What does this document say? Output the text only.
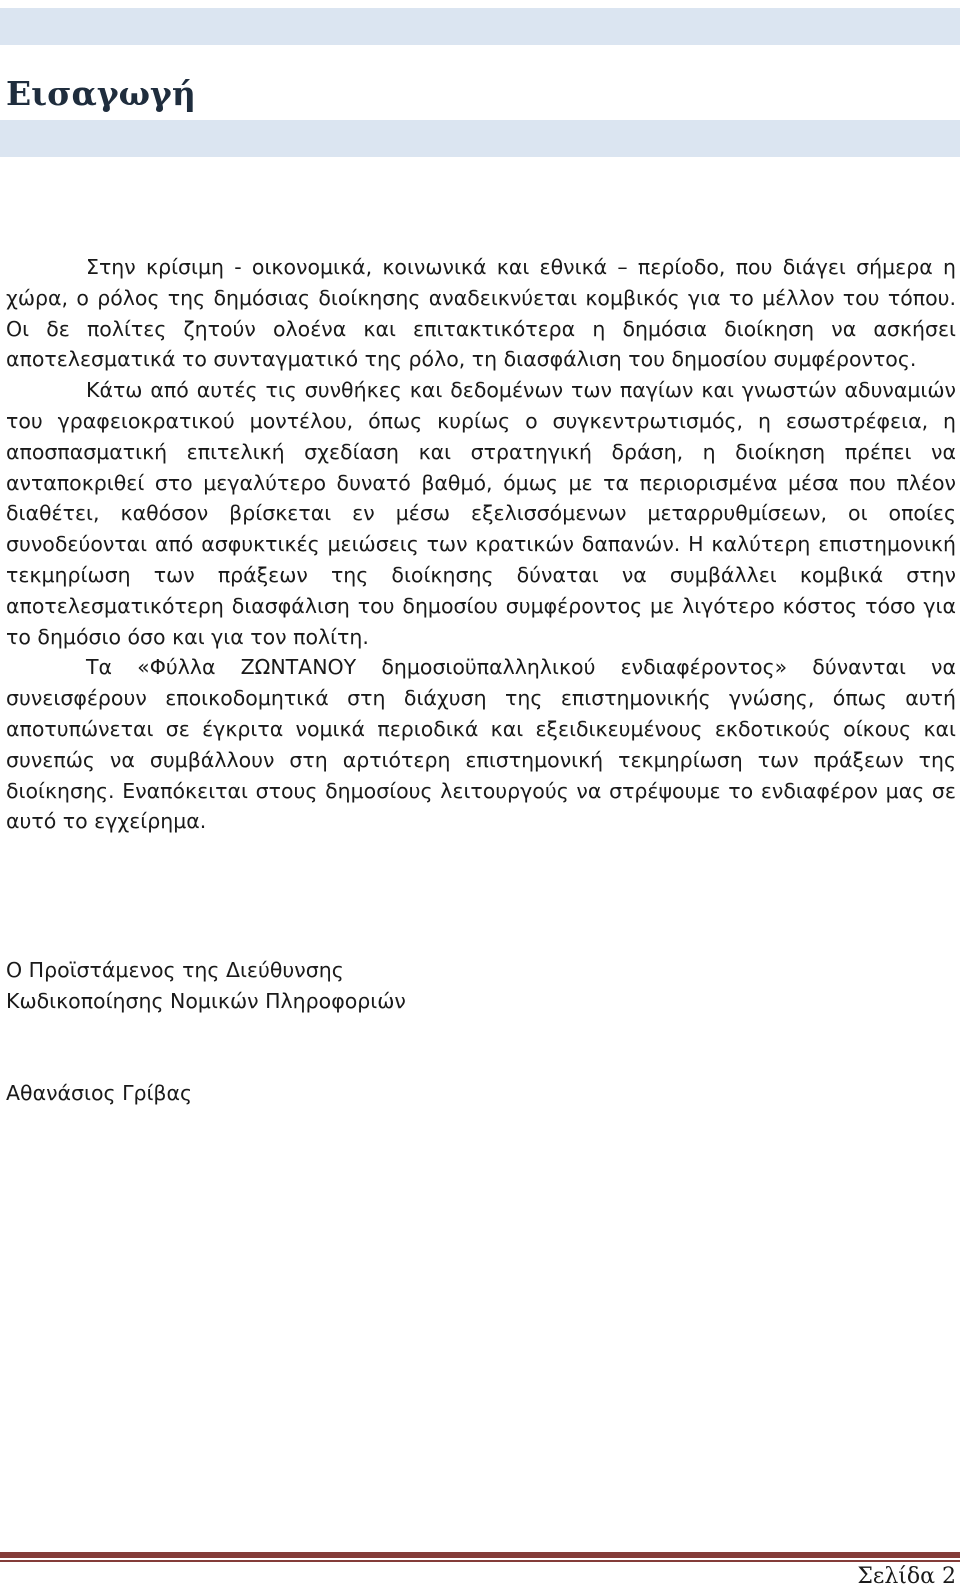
Εισαγωγή

Στην κρίσιμη - οικονομικά, κοινωνικά και εθνικά – περίοδο, που διάγει σήμερα η χώρα, ο ρόλος της δημόσιας διοίκησης αναδεικνύεται κομβικός για το μέλλον του τόπου. Οι δε πολίτες ζητούν ολοένα και επιτακτικότερα η δημόσια διοίκηση να ασκήσει αποτελεσματικά το συνταγματικό της ρόλο, τη διασφάλιση του δημοσίου συμφέροντος.

Κάτω από αυτές τις συνθήκες και δεδομένων των παγίων και γνωστών αδυναμιών του γραφειοκρατικού μοντέλου, όπως κυρίως ο συγκεντρωτισμός, η εσωστρέφεια, η αποσπασματική επιτελική σχεδίαση και στρατηγική δράση, η διοίκηση πρέπει να ανταποκριθεί στο μεγαλύτερο δυνατό βαθμό, όμως με τα περιορισμένα μέσα που πλέον διαθέτει, καθόσον βρίσκεται εν μέσω εξελισσόμενων μεταρρυθμίσεων, οι οποίες συνοδεύονται από ασφυκτικές μειώσεις των κρατικών δαπανών. Η καλύτερη επιστημονική τεκμηρίωση των πράξεων της διοίκησης δύναται να συμβάλλει κομβικά στην αποτελεσματικότερη διασφάλιση του δημοσίου συμφέροντος με λιγότερο κόστος τόσο για το δημόσιο όσο και για τον πολίτη.

Τα «Φύλλα ΖΩΝΤΑΝΟΥ δημοσιοϋπαλληλικού ενδιαφέροντος» δύνανται να συνεισφέρουν εποικοδομητικά στη διάχυση της επιστημονικής γνώσης, όπως αυτή αποτυπώνεται σε έγκριτα νομικά περιοδικά και εξειδικευμένους εκδοτικούς οίκους και συνεπώς να συμβάλλουν στη αρτιότερη επιστημονική τεκμηρίωση των πράξεων της διοίκησης. Εναπόκειται στους δημοσίους λειτουργούς να στρέψουμε το ενδιαφέρον μας σε αυτό το εγχείρημα.

Ο Προϊστάμενος της Διεύθυνσης
Κωδικοποίησης Νομικών Πληροφοριών
Αθανάσιος Γρίβας
Σελίδα 2
